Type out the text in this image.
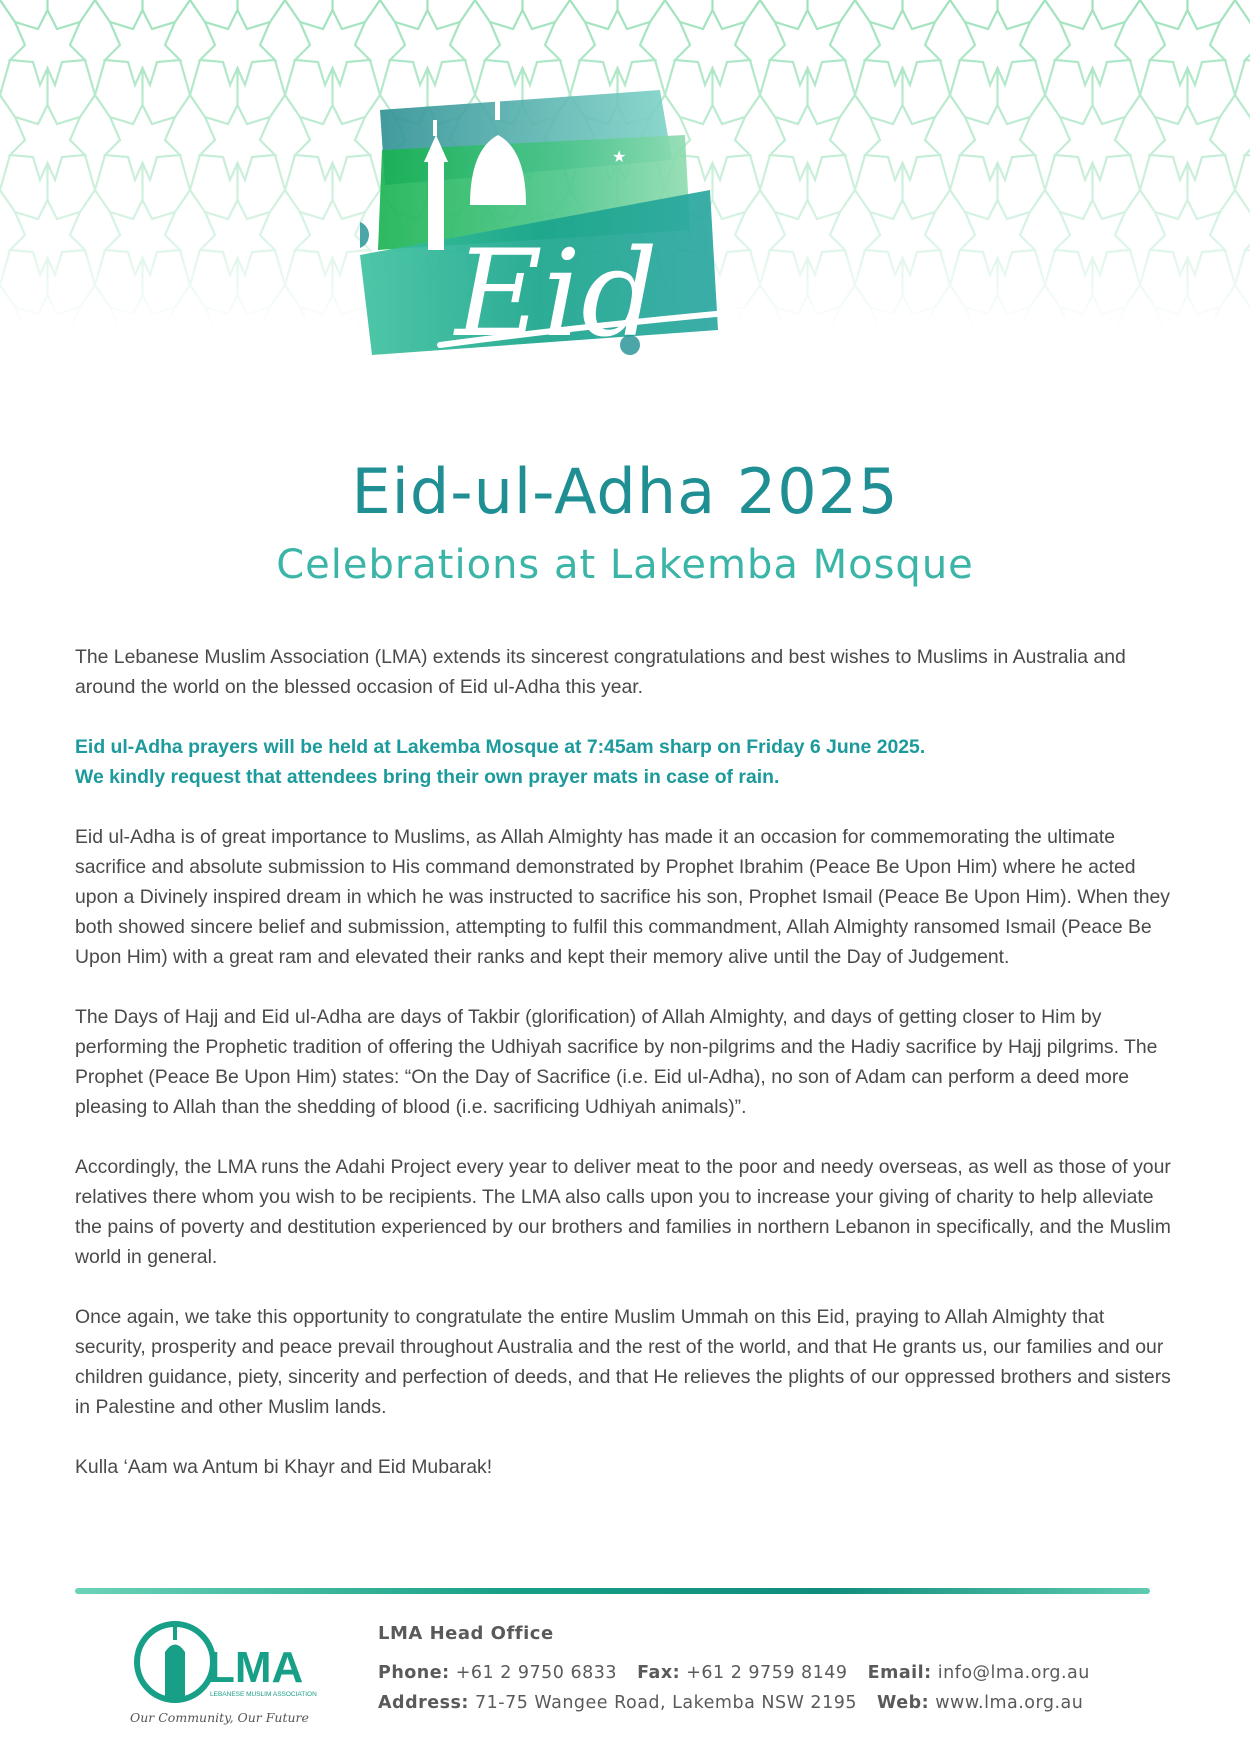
★
Eid
Eid-ul-Adha 2025
Celebrations at Lakemba Mosque

The Lebanese Muslim Association (LMA) extends its sincerest congratulations and best wishes to Muslims in Australia and around the world on the blessed occasion of Eid ul-Adha this year.

Eid ul-Adha prayers will be held at Lakemba Mosque at 7:45am sharp on Friday 6 June 2025.
We kindly request that attendees bring their own prayer mats in case of rain.

Eid ul-Adha is of great importance to Muslims, as Allah Almighty has made it an occasion for commemorating the ultimate sacrifice and absolute submission to His command demonstrated by Prophet Ibrahim (Peace Be Upon Him) where he acted upon a Divinely inspired dream in which he was instructed to sacrifice his son, Prophet Ismail (Peace Be Upon Him). When they both showed sincere belief and submission, attempting to fulfil this commandment, Allah Almighty ransomed Ismail (Peace Be Upon Him) with a great ram and elevated their ranks and kept their memory alive until the Day of Judgement.

The Days of Hajj and Eid ul-Adha are days of Takbir (glorification) of Allah Almighty, and days of getting closer to Him by performing the Prophetic tradition of offering the Udhiyah sacrifice by non-pilgrims and the Hadiy sacrifice by Hajj pilgrims. The Prophet (Peace Be Upon Him) states: “On the Day of Sacrifice (i.e. Eid ul-Adha), no son of Adam can perform a deed more pleasing to Allah than the shedding of blood (i.e. sacrificing Udhiyah animals)”.

Accordingly, the LMA runs the Adahi Project every year to deliver meat to the poor and needy overseas, as well as those of your relatives there whom you wish to be recipients. The LMA also calls upon you to increase your giving of charity to help alleviate the pains of poverty and destitution experienced by our brothers and families in northern Lebanon in specifically, and the Muslim world in general.

Once again, we take this opportunity to congratulate the entire Muslim Ummah on this Eid, praying to Allah Almighty that security, prosperity and peace prevail throughout Australia and the rest of the world, and that He grants us, our families and our children guidance, piety, sincerity and perfection of deeds, and that He relieves the plights of our oppressed brothers and sisters in Palestine and other Muslim lands.

Kulla ‘Aam wa Antum bi Khayr and Eid Mubarak!

LMA
LEBANESE MUSLIM ASSOCIATION
Our Community, Our Future
LMA Head Office
Phone: +61 2 9750 6833 Fax: +61 2 9759 8149 Email: info@lma.org.au
Address: 71-75 Wangee Road, Lakemba NSW 2195 Web: www.lma.org.au
